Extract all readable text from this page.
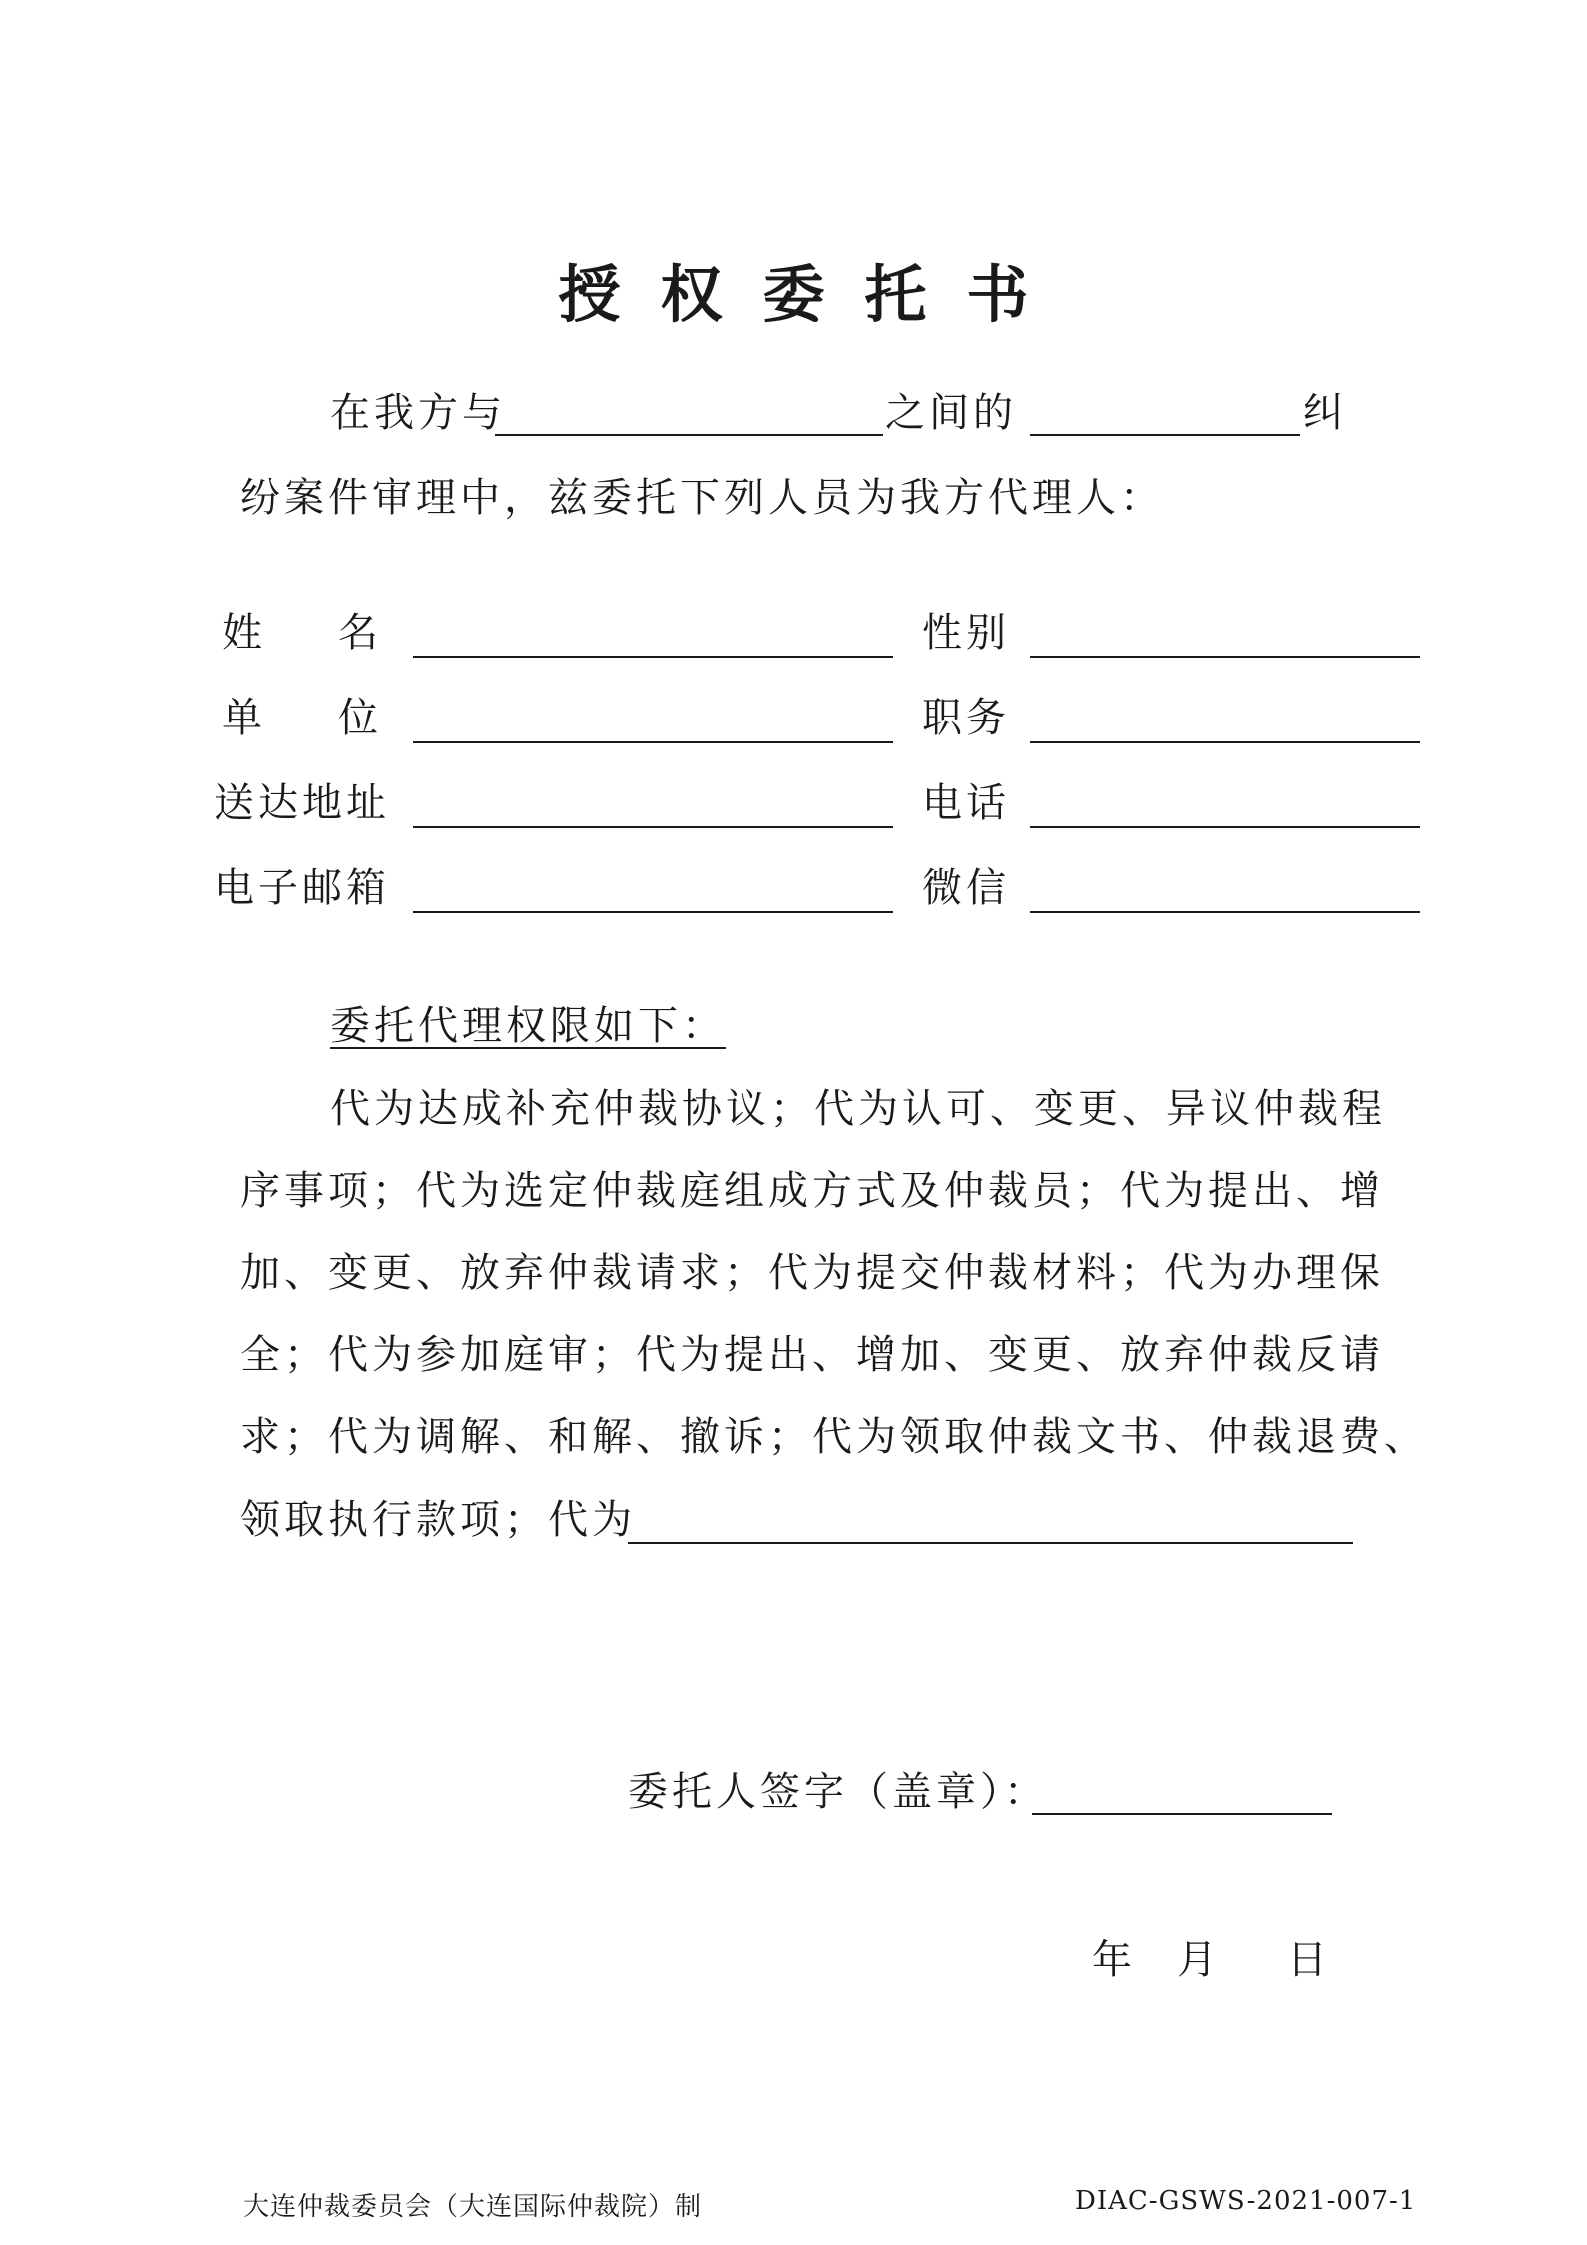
授权委托书
在我方与	之间的	纠
纷案件审理中，兹委托下列人员为我方代理人：
姓 名	性别
单 位	职务
送达地址	电话
电子邮箱	微信
委托代理权限如下：
代为达成补充仲裁协议；代为认可、变更、异议仲裁程
序事项；代为选定仲裁庭组成方式及仲裁员；代为提出、增
加、变更、放弃仲裁请求；代为提交仲裁材料；代为办理保
全；代为参加庭审；代为提出、增加、变更、放弃仲裁反请
求；代为调解、和解、撤诉；代为领取仲裁文书、仲裁退费、
领取执行款项；代为
委托人签字（盖章）：
年 月 日
大连仲裁委员会（大连国际仲裁院）制	DIAC-GSWS-2021-007-1
